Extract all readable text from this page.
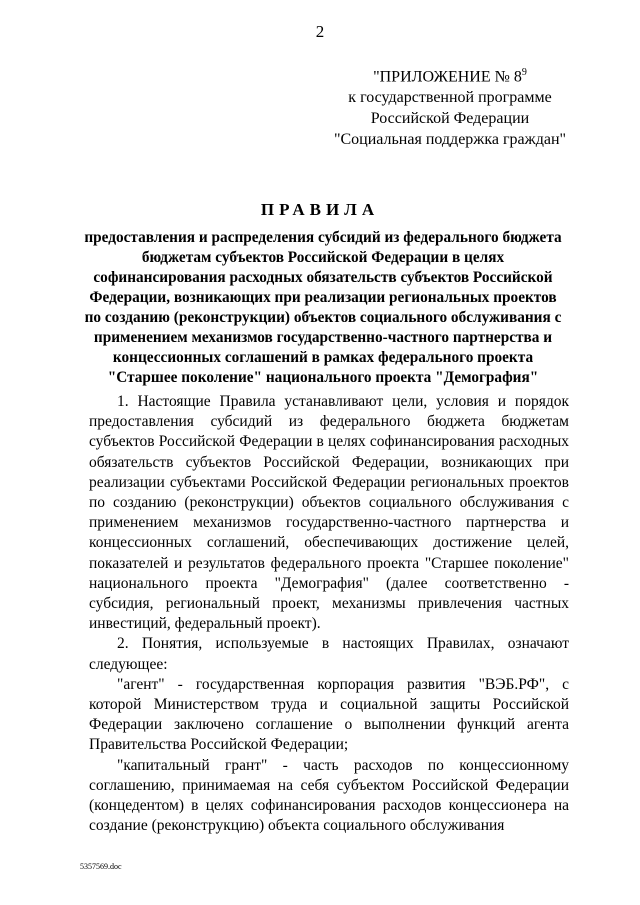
2
"ПРИЛОЖЕНИЕ № $8^9$
к государственной программе
Российской Федерации
"Социальная поддержка граждан"
ПРАВИЛА
предоставления и распределения субсидий из федерального бюджета бюджетам субъектов Российской Федерации в целях софинансирования расходных обязательств субъектов Российской Федерации, возникающих при реализации региональных проектов по созданию (реконструкции) объектов социального обслуживания с применением механизмов государственно-частного партнерства и концессионных соглашений в рамках федерального проекта "Старшее поколение" национального проекта "Демография"

1. Настоящие Правила устанавливают цели, условия и порядок предоставления субсидий из федерального бюджета бюджетам субъектов Российской Федерации в целях софинансирования расходных обязательств субъектов Российской Федерации, возникающих при реализации субъектами Российской Федерации региональных проектов по созданию (реконструкции) объектов социального обслуживания с применением механизмов государственно-частного партнерства и концессионных соглашений, обеспечивающих достижение целей, показателей и результатов федерального проекта "Старшее поколение" национального проекта "Демография" (далее соответственно - субсидия, региональный проект, механизмы привлечения частных инвестиций, федеральный проект).

2. Понятия, используемые в настоящих Правилах, означают следующее:

"агент" - государственная корпорация развития "ВЭБ.РФ", с которой Министерством труда и социальной защиты Российской Федерации заключено соглашение о выполнении функций агента Правительства Российской Федерации;

"капитальный грант" - часть расходов по концессионному соглашению, принимаемая на себя субъектом Российской Федерации (концедентом) в целях софинансирования расходов концессионера на создание (реконструкцию) объекта социального обслуживания

5357569.doc
